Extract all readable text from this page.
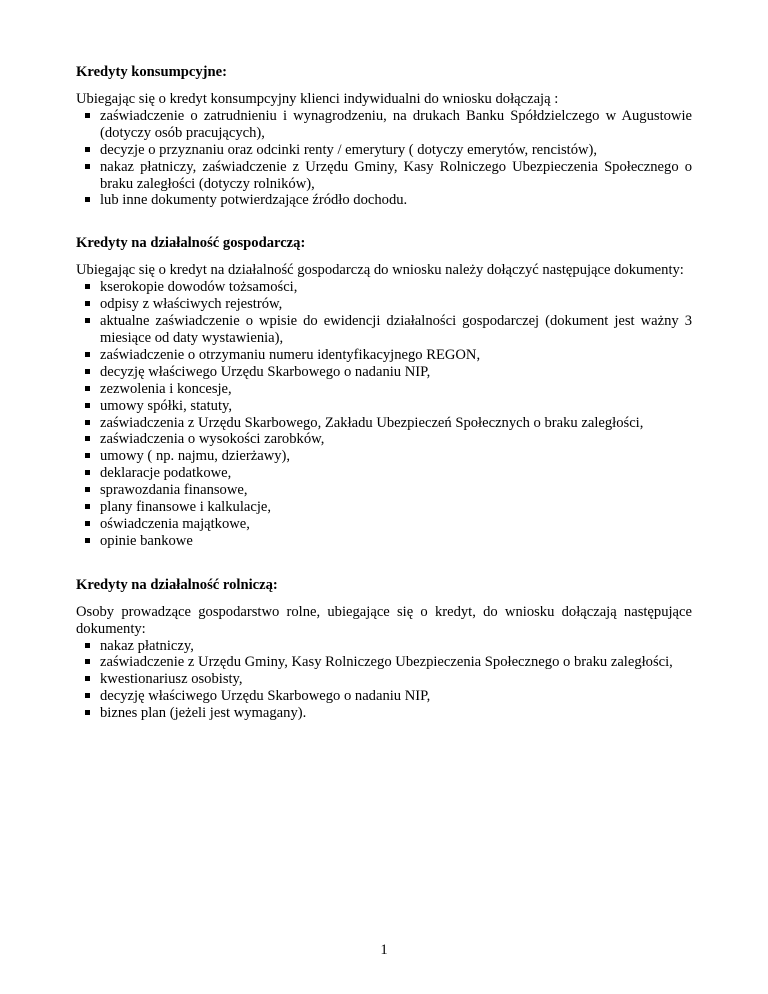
Kredyty konsumpcyjne:

Ubiegając się o kredyt konsumpcyjny klienci indywidualni do wniosku dołączają :

zaświadczenie o zatrudnieniu i wynagrodzeniu, na drukach Banku Spółdzielczego w Augustowie (dotyczy osób pracujących),
decyzje o przyznaniu oraz odcinki renty / emerytury ( dotyczy emerytów, rencistów),
nakaz płatniczy, zaświadczenie z Urzędu Gminy, Kasy Rolniczego Ubezpieczenia Społecznego o braku zaległości (dotyczy rolników),
lub inne dokumenty potwierdzające źródło dochodu.

Kredyty na działalność gospodarczą:

Ubiegając się o kredyt na działalność gospodarczą do wniosku należy dołączyć następujące dokumenty:

kserokopie dowodów tożsamości,
odpisy z właściwych rejestrów,
aktualne zaświadczenie o wpisie do ewidencji działalności gospodarczej (dokument jest ważny 3 miesiące od daty wystawienia),
zaświadczenie o otrzymaniu numeru identyfikacyjnego REGON,
decyzję właściwego Urzędu Skarbowego o nadaniu NIP,
zezwolenia i koncesje,
umowy spółki, statuty,
zaświadczenia z Urzędu Skarbowego, Zakładu Ubezpieczeń Społecznych o braku zaległości,
zaświadczenia o wysokości zarobków,
umowy ( np. najmu, dzierżawy),
deklaracje podatkowe,
sprawozdania finansowe,
plany finansowe i kalkulacje,
oświadczenia majątkowe,
opinie bankowe

Kredyty na działalność rolniczą:

Osoby prowadzące gospodarstwo rolne, ubiegające się o kredyt, do wniosku dołączają następujące dokumenty:

nakaz płatniczy,
zaświadczenie z Urzędu Gminy, Kasy Rolniczego Ubezpieczenia Społecznego o braku zaległości,
kwestionariusz osobisty,
decyzję właściwego Urzędu Skarbowego o nadaniu NIP,
biznes plan (jeżeli jest wymagany).
1
